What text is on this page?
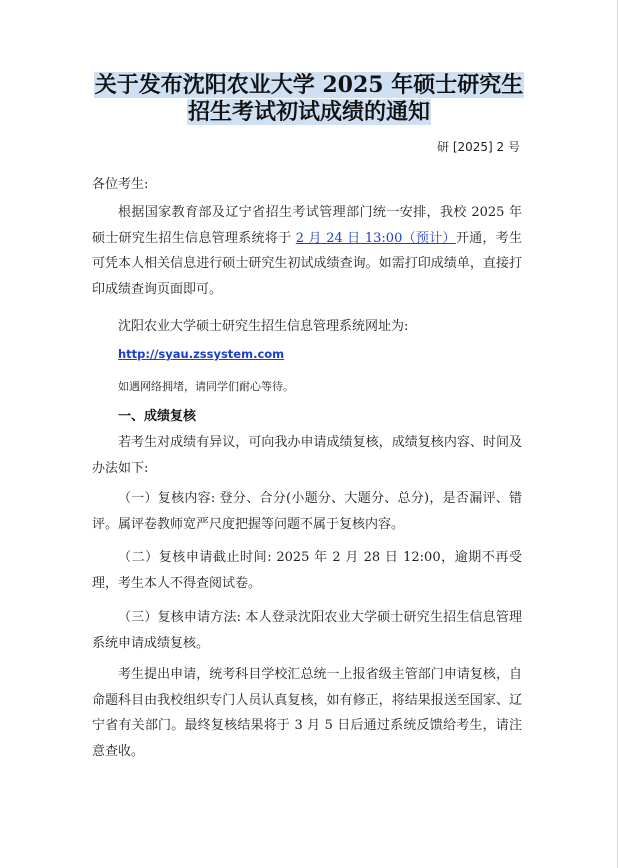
关于发布沈阳农业大学 2025 年硕士研究生
招生考试初试成绩的通知
研 [2025] 2 号
各位考生:
根据国家教育部及辽宁省招生考试管理部门统一安排，我校 2025 年硕士研究生招生信息管理系统将于 2 月 24 日 13:00（预计）开通，考生可凭本人相关信息进行硕士研究生初试成绩查询。如需打印成绩单，直接打印成绩查询页面即可。
沈阳农业大学硕士研究生招生信息管理系统网址为:
http://syau.zssystem.com
如遇网络拥堵，请同学们耐心等待。
一、成绩复核
若考生对成绩有异议，可向我办申请成绩复核，成绩复核内容、时间及办法如下:
（一）复核内容: 登分、合分(小题分、大题分、总分)，是否漏评、错评。属评卷教师宽严尺度把握等问题不属于复核内容。
（二）复核申请截止时间: 2025 年 2 月 28 日 12:00，逾期不再受理，考生本人不得查阅试卷。
（三）复核申请方法: 本人登录沈阳农业大学硕士研究生招生信息管理系统申请成绩复核。
考生提出申请，统考科目学校汇总统一上报省级主管部门申请复核，自命题科目由我校组织专门人员认真复核，如有修正，将结果报送至国家、辽宁省有关部门。最终复核结果将于 3 月 5 日后通过系统反馈给考生，请注意查收。
